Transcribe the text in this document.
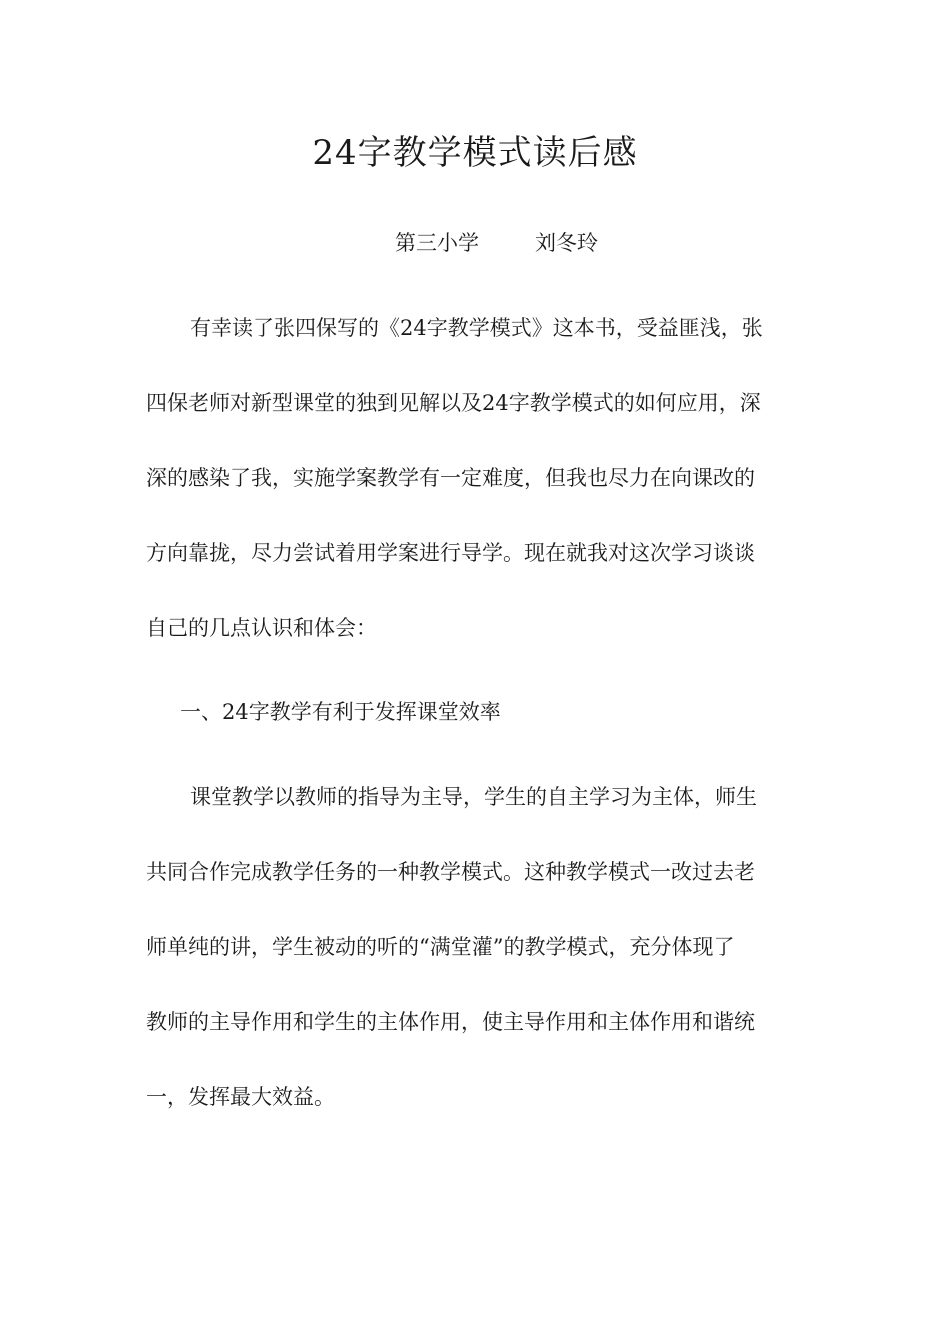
24字教学模式读后感
第三小学	刘冬玲
有幸读了张四保写的《24字教学模式》这本书，受益匪浅，张
四保老师对新型课堂的独到见解以及24字教学模式的如何应用，深
深的感染了我，实施学案教学有一定难度，但我也尽力在向课改的
方向靠拢，尽力尝试着用学案进行导学。现在就我对这次学习谈谈
自己的几点认识和体会：
一、24字教学有利于发挥课堂效率
课堂教学以教师的指导为主导，学生的自主学习为主体，师生
共同合作完成教学任务的一种教学模式。这种教学模式一改过去老
师单纯的讲，学生被动的听的“满堂灌”的教学模式，充分体现了
教师的主导作用和学生的主体作用，使主导作用和主体作用和谐统
一，发挥最大效益。
